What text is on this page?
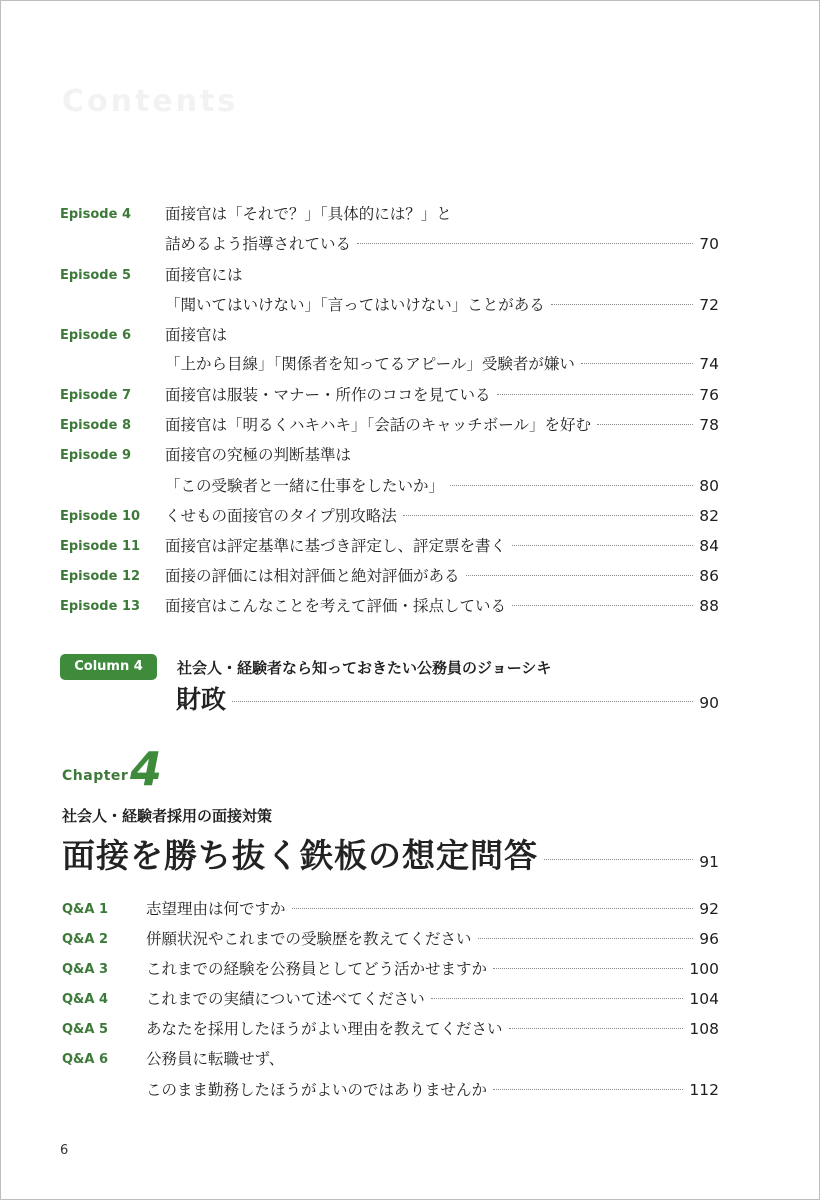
Contents
Episode 4 面接官は「それで？」「具体的には？」と
詰めるよう指導されている	70
Episode 5 面接官には
「聞いてはいけない」「言ってはいけない」ことがある	72
Episode 6 面接官は
「上から目線」「関係者を知ってるアピール」受験者が嫌い	74
Episode 7 面接官は服装・マナー・所作のココを見ている	76
Episode 8 面接官は「明るくハキハキ」「会話のキャッチボール」を好む	78
Episode 9 面接官の究極の判断基準は
「この受験者と一緒に仕事をしたいか」	80
Episode 10 くせもの面接官のタイプ別攻略法	82
Episode 11 面接官は評定基準に基づき評定し、評定票を書く	84
Episode 12 面接の評価には相対評価と絶対評価がある	86
Episode 13 面接官はこんなことを考えて評価・採点している	88
Column 4	社会人・経験者なら知っておきたい公務員のジョーシキ
財政	90
Chapter 4
社会人・経験者採用の面接対策
面接を勝ち抜く鉄板の想定問答	91
Q&A 1 志望理由は何ですか	92
Q&A 2 併願状況やこれまでの受験歴を教えてください	96
Q&A 3 これまでの経験を公務員としてどう活かせますか	100
Q&A 4 これまでの実績について述べてください	104
Q&A 5 あなたを採用したほうがよい理由を教えてください	108
Q&A 6 公務員に転職せず、
このまま勤務したほうがよいのではありませんか	112
6
